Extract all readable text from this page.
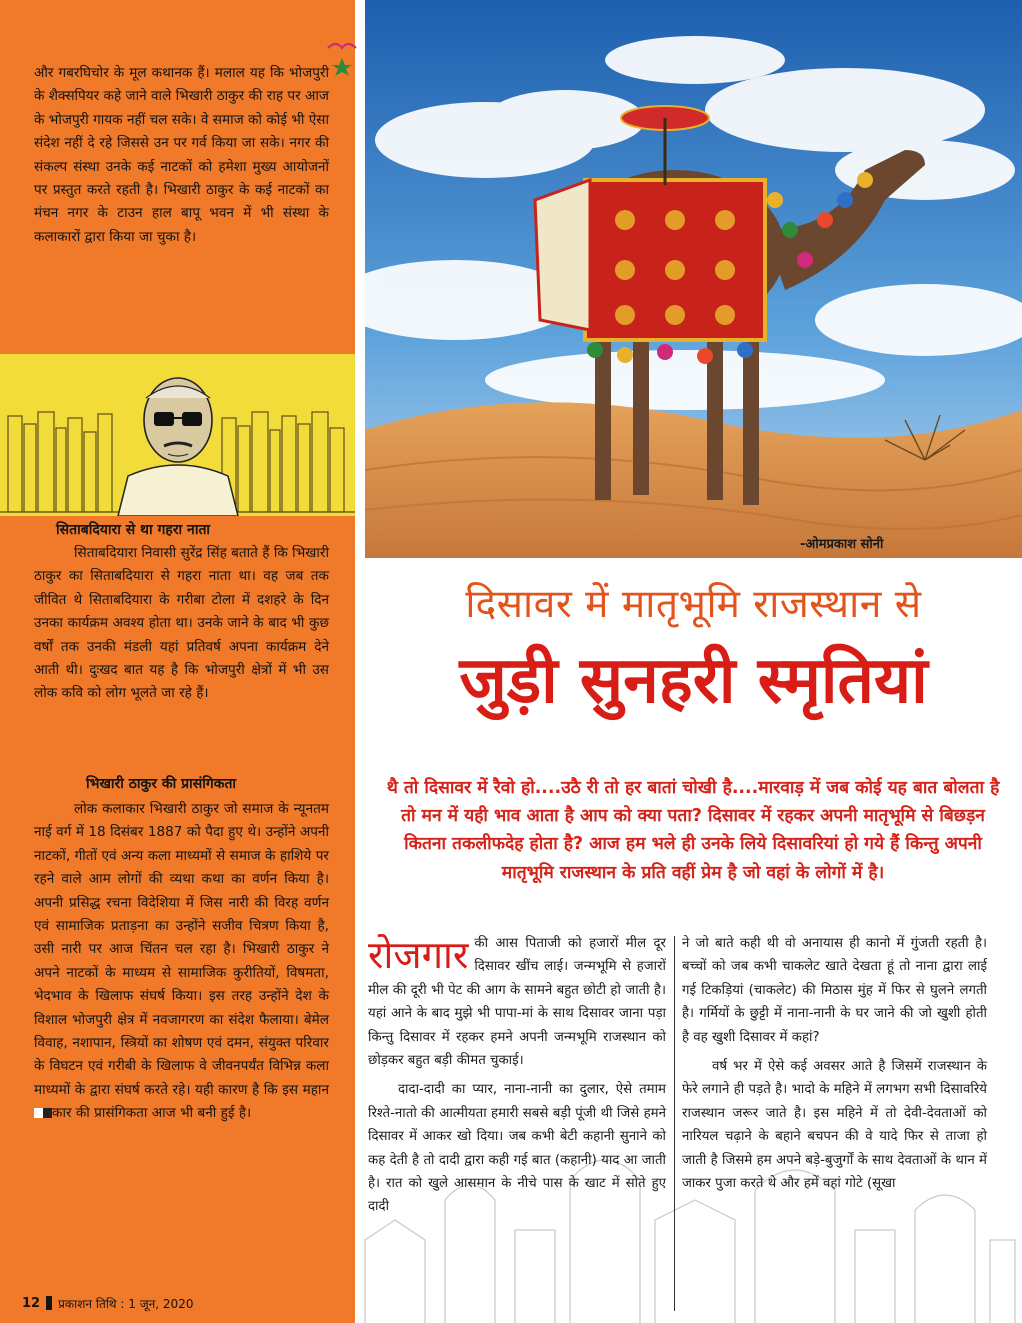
और गबरघिचोर के मूल कथानक हैं। मलाल यह कि भोजपुरी के शैक्सपियर कहे जाने वाले भिखारी ठाकुर की राह पर आज के भोजपुरी गायक नहीं चल सके। वे समाज को कोई भी ऐसा संदेश नहीं दे रहे जिससे उन पर गर्व किया जा सके। नगर की संकल्प संस्था उनके कई नाटकों को हमेशा मुख्य आयोजनों पर प्रस्तुत करते रहती है। भिखारी ठाकुर के कई नाटकों का मंचन नगर के टाउन हाल बापू भवन में भी संस्था के कलाकारों द्वारा किया जा चुका है।

सिताबदियारा से था गहरा नाता

सिताबदियारा निवासी सुरेंद्र सिंह बताते हैं कि भिखारी ठाकुर का सिताबदियारा से गहरा नाता था। वह जब तक जीवित थे सिताबदियारा के गरीबा टोला में दशहरे के दिन उनका कार्यक्रम अवश्य होता था। उनके जाने के बाद भी कुछ वर्षों तक उनकी मंडली यहां प्रतिवर्ष अपना कार्यक्रम देने आती थी। दुःखद बात यह है कि भोजपुरी क्षेत्रों में भी उस लोक कवि को लोग भूलते जा रहे हैं।

भिखारी ठाकुर की प्रासंगिकता

लोक कलाकार भिखारी ठाकुर जो समाज के न्यूनतम नाई वर्ग में 18 दिसंबर 1887 को पैदा हुए थे। उन्होंने अपनी नाटकों, गीतों एवं अन्य कला माध्यमों से समाज के हाशिये पर रहने वाले आम लोगों की व्यथा कथा का वर्णन किया है। अपनी प्रसिद्ध रचना विदेशिया में जिस नारी की विरह वर्णन एवं सामाजिक प्रताड़ना का उन्होंने सजीव चित्रण किया है, उसी नारी पर आज चिंतन चल रहा है। भिखारी ठाकुर ने अपने नाटकों के माध्यम से सामाजिक कुरीतियों, विषमता, भेदभाव के खिलाफ संघर्ष किया। इस तरह उन्होंने देश के विशाल भोजपुरी क्षेत्र में नवजागरण का संदेश फैलाया। बेमेल विवाह, नशापान, स्त्रियों का शोषण एवं दमन, संयुक्त परिवार के विघटन एवं गरीबी के खिलाफ वे जीवनपर्यंत विभिन्न कला माध्यमों के द्वारा संघर्ष करते रहे। यही कारण है कि इस महान कार की प्रासंगिकता आज भी बनी हुई है।

12 प्रकाशन तिथि : 1 जून, 2020
-ओमप्रकाश सोनी
दिसावर में मातृभूमि राजस्थान से
जुड़ी सुनहरी स्मृतियां

थै तो दिसावर में रैवो हो....उठै री तो हर बातां चोखी है....मारवाड़ में जब कोई यह बात बोलता है तो मन में यही भाव आता है आप को क्या पता? दिसावर में रहकर अपनी मातृभूमि से बिछड़न कितना तकलीफदेह होता है? आज हम भले ही उनके लिये दिसावरियां हो गये हैं किन्तु अपनी मातृभूमि राजस्थान के प्रति वहीं प्रेम है जो वहां के लोगों में है।

रोजगार की आस पिताजी को हजारों मील दूर दिसावर खींच लाई। जन्मभूमि से हजारों मील की दूरी भी पेट की आग के सामने बहुत छोटी हो जाती है। यहां आने के बाद मुझे भी पापा-मां के साथ दिसावर जाना पड़ा किन्तु दिसावर में रहकर हमने अपनी जन्मभूमि राजस्थान को छोड़कर बहुत बड़ी कीमत चुकाई।
दादा-दादी का प्यार, नाना-नानी का दुलार, ऐसे तमाम रिश्ते-नातो की आत्मीयता हमारी सबसे बड़ी पूंजी थी जिसे हमने दिसावर में आकर खो दिया। जब कभी बेटी कहानी सुनाने को कह देती है तो दादी द्वारा कही गई बात (कहानी) याद आ जाती है। रात को खुले आसमान के नीचे पास के खाट में सोते हुए दादी
ने जो बाते कही थी वो अनायास ही कानो में गुंजती रहती है। बच्चों को जब कभी चाकलेट खाते देखता हूं तो नाना द्वारा लाई गई टिकड़ियां (चाकलेट) की मिठास मुंह में फिर से घुलने लगती है। गर्मियों के छुट्टी में नाना-नानी के घर जाने की जो खुशी होती है वह खुशी दिसावर में कहां?
वर्ष भर में ऐसे कई अवसर आते है जिसमें राजस्थान के फेरे लगाने ही पड़ते है। भादो के महिने में लगभग सभी दिसावरिये राजस्थान जरूर जाते है। इस महिने में तो देवी-देवताओं को नारियल चढ़ाने के बहाने बचपन की वे यादे फिर से ताजा हो जाती है जिसमे हम अपने बड़े-बुजुर्गों के साथ देवताओं के थान में जाकर पुजा करते थे और हमें वहां गोटे (सूखा
